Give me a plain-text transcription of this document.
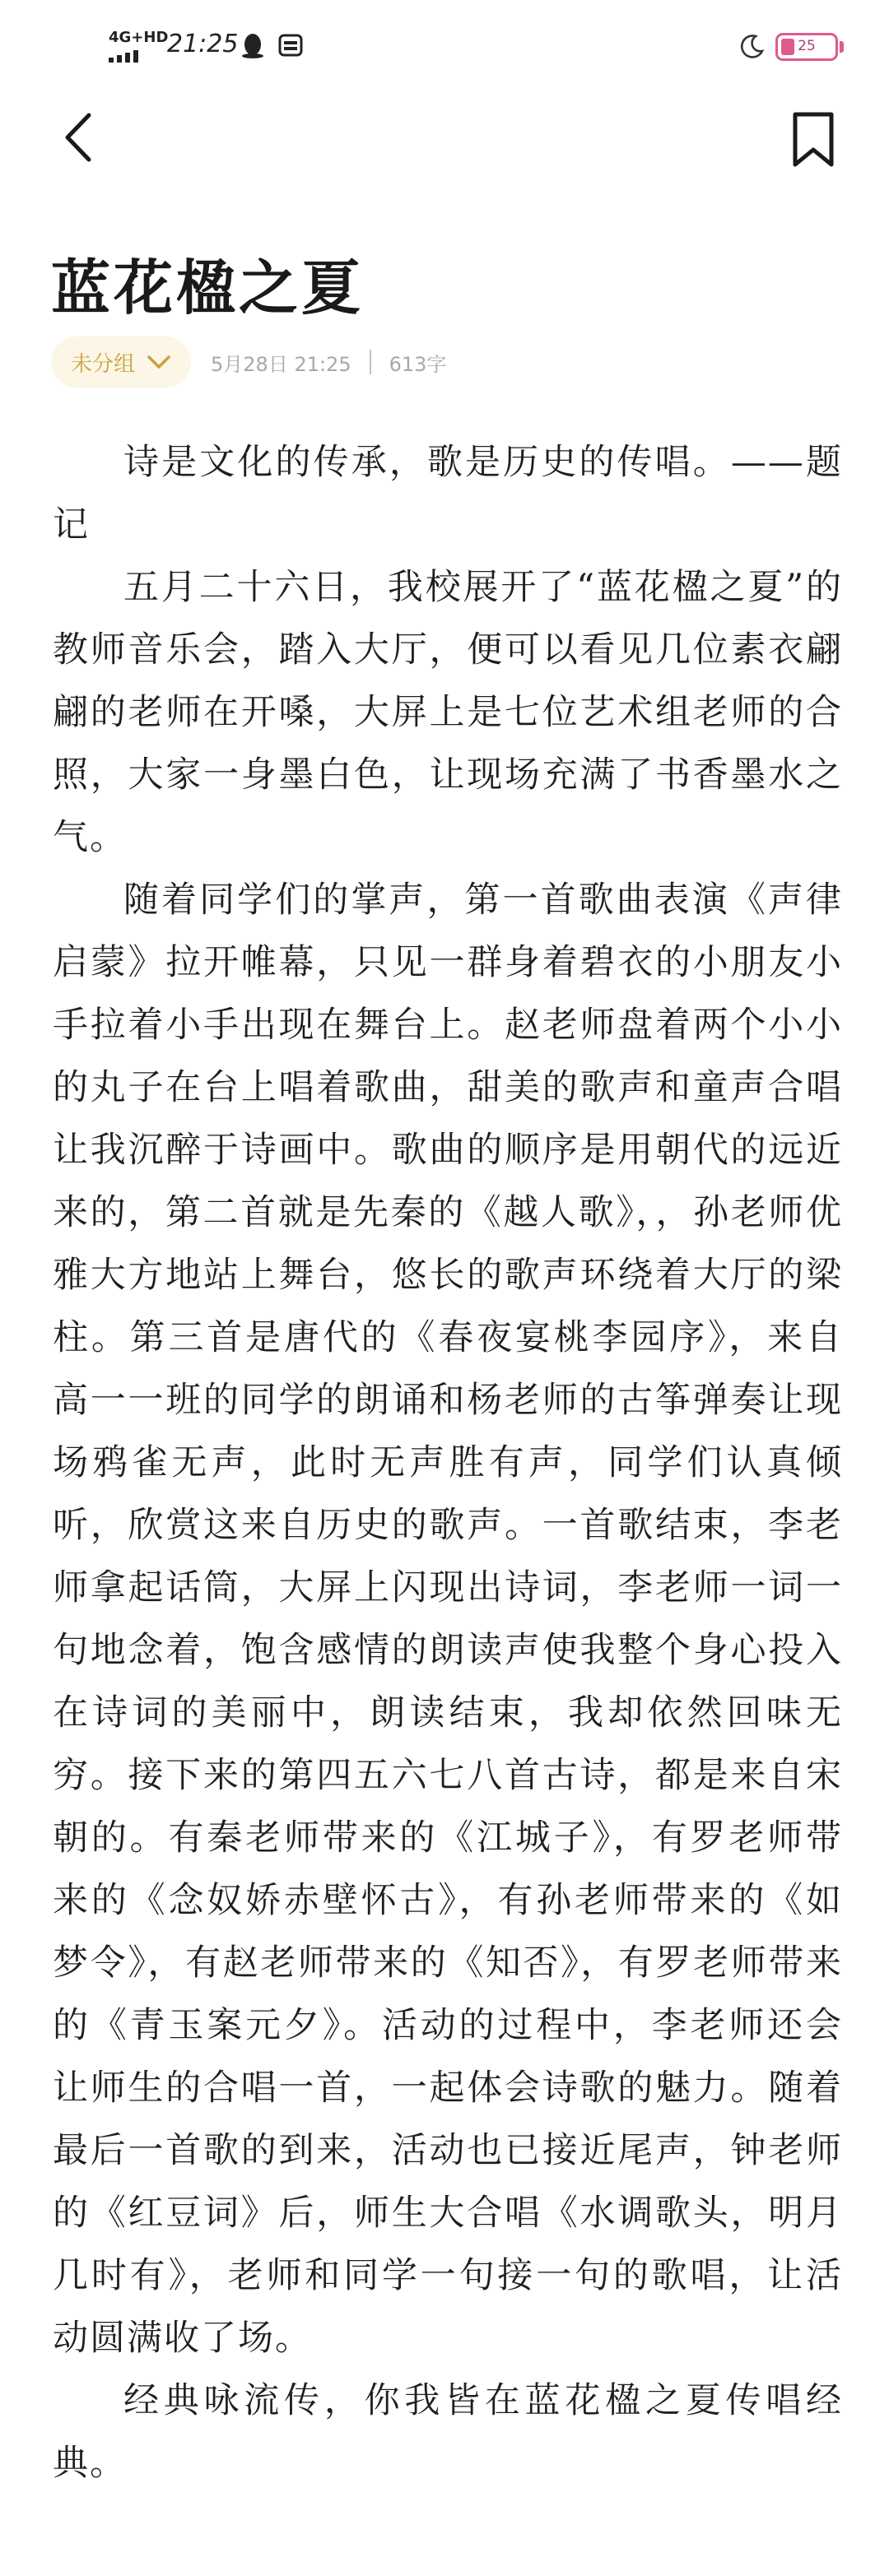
4G+HD
21:25	25
蓝花楹之夏
未分组	5月28日 21:25 613字

诗是文化的传承，歌是历史的传唱。——题记

五月二十六日，我校展开了“蓝花楹之夏”的教师音乐会，踏入大厅，便可以看见几位素衣翩翩的老师在开嗓，大屏上是七位艺术组老师的合照，大家一身墨白色，让现场充满了书香墨水之气。

随着同学们的掌声，第一首歌曲表演《声律启蒙》拉开帷幕，只见一群身着碧衣的小朋友小手拉着小手出现在舞台上。赵老师盘着两个小小的丸子在台上唱着歌曲，甜美的歌声和童声合唱让我沉醉于诗画中。歌曲的顺序是用朝代的远近来的，第二首就是先秦的《越人歌》，，孙老师优雅大方地站上舞台，悠长的歌声环绕着大厅的梁柱。第三首是唐代的《春夜宴桃李园序》，来自高一一班的同学的朗诵和杨老师的古筝弹奏让现场鸦雀无声，此时无声胜有声，同学们认真倾听，欣赏这来自历史的歌声。一首歌结束，李老师拿起话筒，大屏上闪现出诗词，李老师一词一句地念着，饱含感情的朗读声使我整个身心投入在诗词的美丽中，朗读结束，我却依然回味无穷。接下来的第四五六七八首古诗，都是来自宋朝的。有秦老师带来的《江城子》，有罗老师带来的《念奴娇赤壁怀古》，有孙老师带来的《如梦令》，有赵老师带来的《知否》，有罗老师带来的《青玉案元夕》。活动的过程中，李老师还会让师生的合唱一首，一起体会诗歌的魅力。随着最后一首歌的到来，活动也已接近尾声，钟老师的《红豆词》后，师生大合唱《水调歌头，明月几时有》，老师和同学一句接一句的歌唱，让活动圆满收了场。

经典咏流传，你我皆在蓝花楹之夏传唱经典。
